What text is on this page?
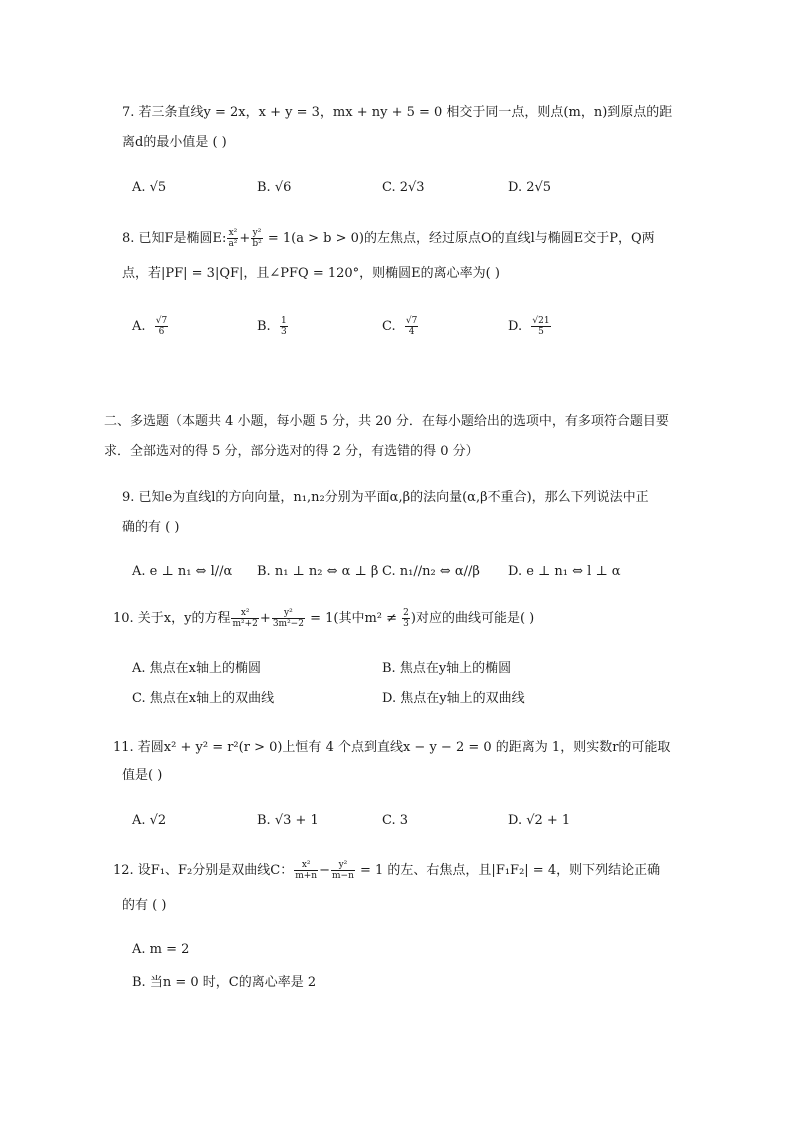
7. 若三条直线y = 2x，x + y = 3，mx + ny + 5 = 0 相交于同一点，则点(m，n)到原点的距
离d的最小值是 ( )
A. √5	B. √6	C. 2√3	D. 2√5
8. 已知F是椭圆E: $\frac{\text{x²}}{\text{a²}} + \frac{\text{y²}}{\text{b²}} = 1(a > b > 0)$的左焦点，经过原点O的直线l与椭圆E交于P，Q两
点，若|PF| = 3|QF|，且∠PFQ = 120°，则椭圆E的离心率为( )
A. $\frac{√7}{6}$	B. $\frac{1}{3}$	C. $\frac{√7}{4}$	D. $\frac{√21}{5}$
二、多选题（本题共 4 小题，每小题 5 分，共 20 分．在每小题给出的选项中，有多项符合题目要
求．全部选对的得 5 分，部分选对的得 2 分，有选错的得 0 分）
9. 已知e为直线l的方向向量，n₁,n₂分别为平面α,β的法向量(α,β不重合)，那么下列说法中正
确的有 ( )
A. e ⊥ n₁ ⇔ l//α B. n₁ ⊥ n₂ ⇔ α ⊥ β C. n₁//n₂ ⇔ α//β D. e ⊥ n₁ ⇔ l ⊥ α
10. 关于x，y的方程 $\frac{\text{x²}}{\text{m²+2}} + \frac{\text{y²}}{\text{3m²−2}} = 1$(其中$m^2 \ne \frac{2}{3}$ )对应的曲线可能是( )
A. 焦点在x轴上的椭圆	B. 焦点在y轴上的椭圆
C. 焦点在x轴上的双曲线	D. 焦点在y轴上的双曲线
11. 若圆x² + y² = r²(r > 0)上恒有 4 个点到直线x − y − 2 = 0 的距离为 1，则实数r的可能取
值是( )
A. √2	B. √3 + 1	C. 3	D. √2 + 1
12. 设F₁、F₂分别是双曲线C： $\frac{\text{x²}}{m+n} - \frac{\text{y²}}{m-n} = 1$ 的左、右焦点，且|F₁F₂| = 4，则下列结论正确
的有 ( )
A. m = 2
B. 当n = 0 时，C的离心率是 2
